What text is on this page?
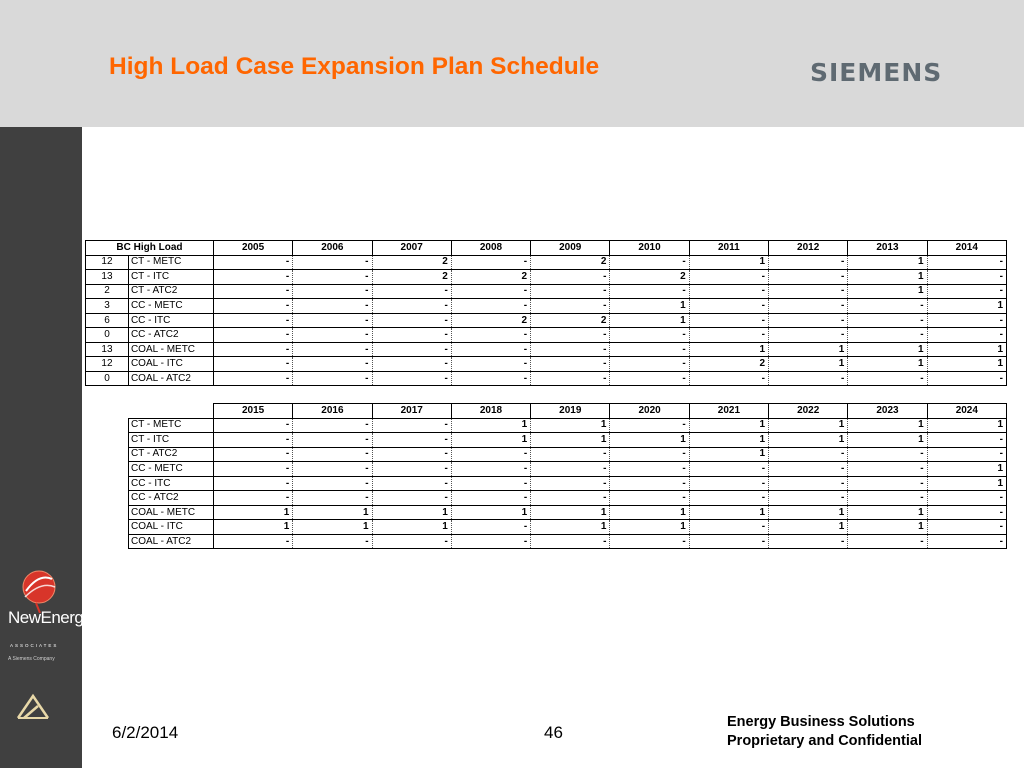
High Load Case Expansion Plan Schedule	SIEMENS
NewEnergy
ASSOCIATES
A Siemens Company
BC High Load		2005	2006	2007	2008	2009	2010	2011	2012	2013	2014
12	CT - METC	-	-	2	-	2	-	1	-	1	-
13	CT - ITC	-	-	2	2	-	2	-	-	1	-
2	CT - ATC2	-	-	-	-	-	-	-	-	1	-
3	CC - METC	-	-	-	-	-	1	-	-	-	1
6	CC - ITC	-	-	-	2	2	1	-	-	-	-
0	CC - ATC2	-	-	-	-	-	-	-	-	-	-
13	COAL - METC	-	-	-	-	-	-	1	1	1	1
12	COAL - ITC	-	-	-	-	-	-	2	1	1	1
0	COAL - ATC2	-	-	-	-	-	-	-	-	-	-
	2015	2016	2017	2018	2019	2020	2021	2022	2023	2024
CT - METC	-	-	-	1	1	-	1	1	1	1
CT - ITC	-	-	-	1	1	1	1	1	1	-
CT - ATC2	-	-	-	-	-	-	1	-	-	-
CC - METC	-	-	-	-	-	-	-	-	-	1
CC - ITC	-	-	-	-	-	-	-	-	-	1
CC - ATC2	-	-	-	-	-	-	-	-	-	-
COAL - METC	1	1	1	1	1	1	1	1	1	-
COAL - ITC	1	1	1	-	1	1	-	1	1	-
COAL - ATC2	-	-	-	-	-	-	-	-	-	-
6/2/2014	46
Energy Business Solutions
Proprietary and Confidential
